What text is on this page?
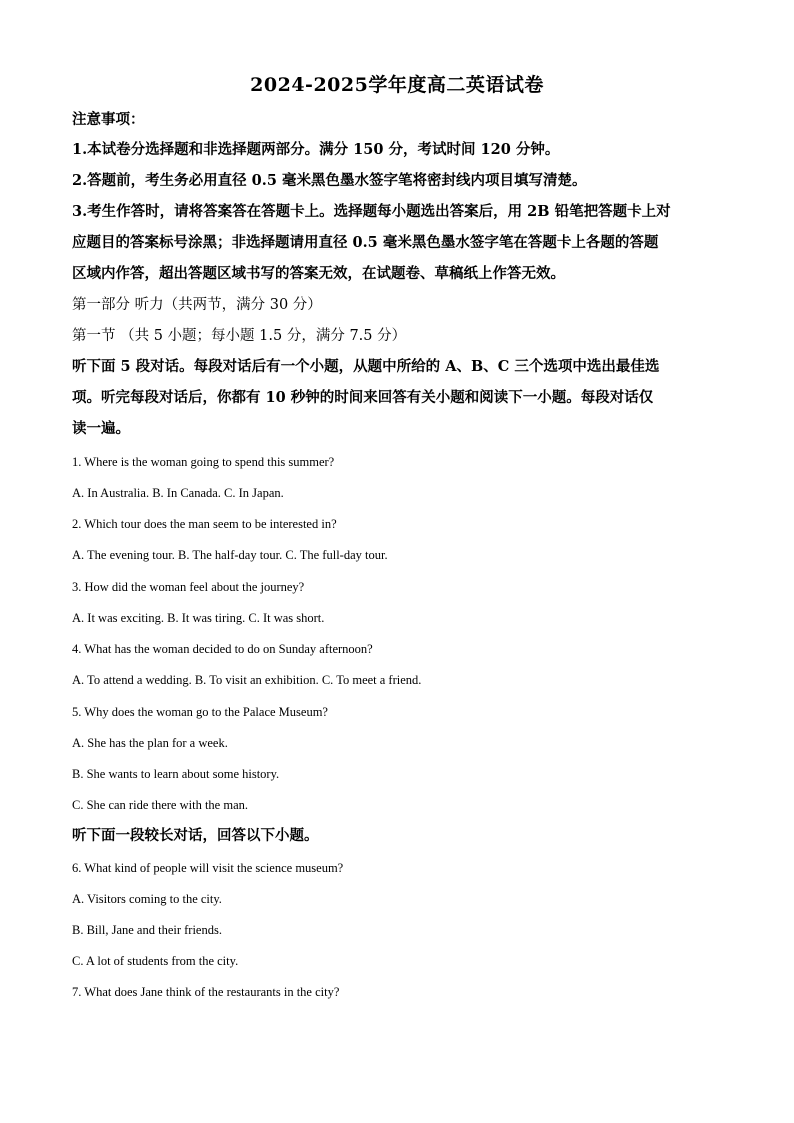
2024-2025学年度高二英语试卷
注意事项：
1.本试卷分选择题和非选择题两部分。满分 150 分，考试时间 120 分钟。
2.答题前，考生务必用直径 0.5 毫米黑色墨水签字笔将密封线内项目填写清楚。
3.考生作答时，请将答案答在答题卡上。选择题每小题选出答案后，用 2B 铅笔把答题卡上对
应题目的答案标号涂黑；非选择题请用直径 0.5 毫米黑色墨水签字笔在答题卡上各题的答题
区域内作答，超出答题区域书写的答案无效，在试题卷、草稿纸上作答无效。
第一部分 听力（共两节，满分 30 分）
第一节 （共 5 小题；每小题 1.5 分，满分 7.5 分）
听下面 5 段对话。每段对话后有一个小题，从题中所给的 A、B、C 三个选项中选出最佳选
项。听完每段对话后，你都有 10 秒钟的时间来回答有关小题和阅读下一小题。每段对话仅
读一遍。
1. Where is the woman going to spend this summer?
A. In Australia. B. In Canada. C. In Japan.
2. Which tour does the man seem to be interested in?
A. The evening tour. B. The half-day tour. C. The full-day tour.
3. How did the woman feel about the journey?
A. It was exciting. B. It was tiring. C. It was short.
4. What has the woman decided to do on Sunday afternoon?
A. To attend a wedding. B. To visit an exhibition. C. To meet a friend.
5. Why does the woman go to the Palace Museum?
A. She has the plan for a week.
B. She wants to learn about some history.
C. She can ride there with the man.
听下面一段较长对话，回答以下小题。
6. What kind of people will visit the science museum?
A. Visitors coming to the city.
B. Bill, Jane and their friends.
C. A lot of students from the city.
7. What does Jane think of the restaurants in the city?
